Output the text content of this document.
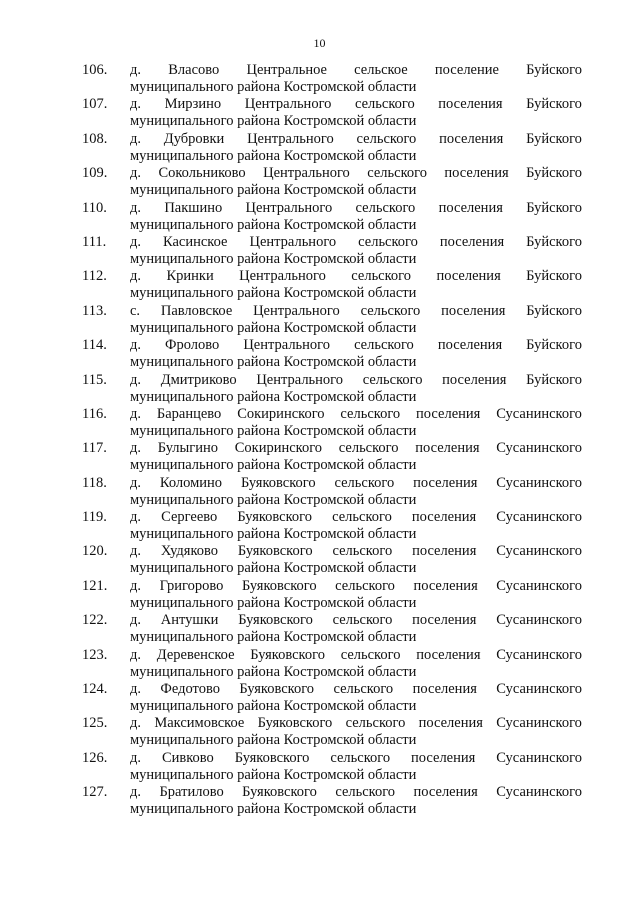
10
106.	д. Власово Центральное сельское поселение Буйского
муниципального района Костромской области
107.	д. Мирзино Центрального сельского поселения Буйского
муниципального района Костромской области
108.	д. Дубровки Центрального сельского поселения Буйского
муниципального района Костромской области
109.	д. Сокольниково Центрального сельского поселения Буйского
муниципального района Костромской области
110.	д. Пакшино Центрального сельского поселения Буйского
муниципального района Костромской области
111.	д. Касинское Центрального сельского поселения Буйского
муниципального района Костромской области
112.	д. Кринки Центрального сельского поселения Буйского
муниципального района Костромской области
113.	с. Павловское Центрального сельского поселения Буйского
муниципального района Костромской области
114.	д. Фролово Центрального сельского поселения Буйского
муниципального района Костромской области
115.	д. Дмитриково Центрального сельского поселения Буйского
муниципального района Костромской области
116.	д. Баранцево Сокиринского сельского поселения Сусанинского
муниципального района Костромской области
117.	д. Булыгино Сокиринского сельского поселения Сусанинского
муниципального района Костромской области
118.	д. Коломино Буяковского сельского поселения Сусанинского
муниципального района Костромской области
119.	д. Сергеево Буяковского сельского поселения Сусанинского
муниципального района Костромской области
120.	д. Худяково Буяковского сельского поселения Сусанинского
муниципального района Костромской области
121.	д. Григорово Буяковского сельского поселения Сусанинского
муниципального района Костромской области
122.	д. Антушки Буяковского сельского поселения Сусанинского
муниципального района Костромской области
123.	д. Деревенское Буяковского сельского поселения Сусанинского
муниципального района Костромской области
124.	д. Федотово Буяковского сельского поселения Сусанинского
муниципального района Костромской области
125.	д. Максимовское Буяковского сельского поселения Сусанинского
муниципального района Костромской области
126.	д. Сивково Буяковского сельского поселения Сусанинского
муниципального района Костромской области
127.	д. Братилово Буяковского сельского поселения Сусанинского
муниципального района Костромской области
